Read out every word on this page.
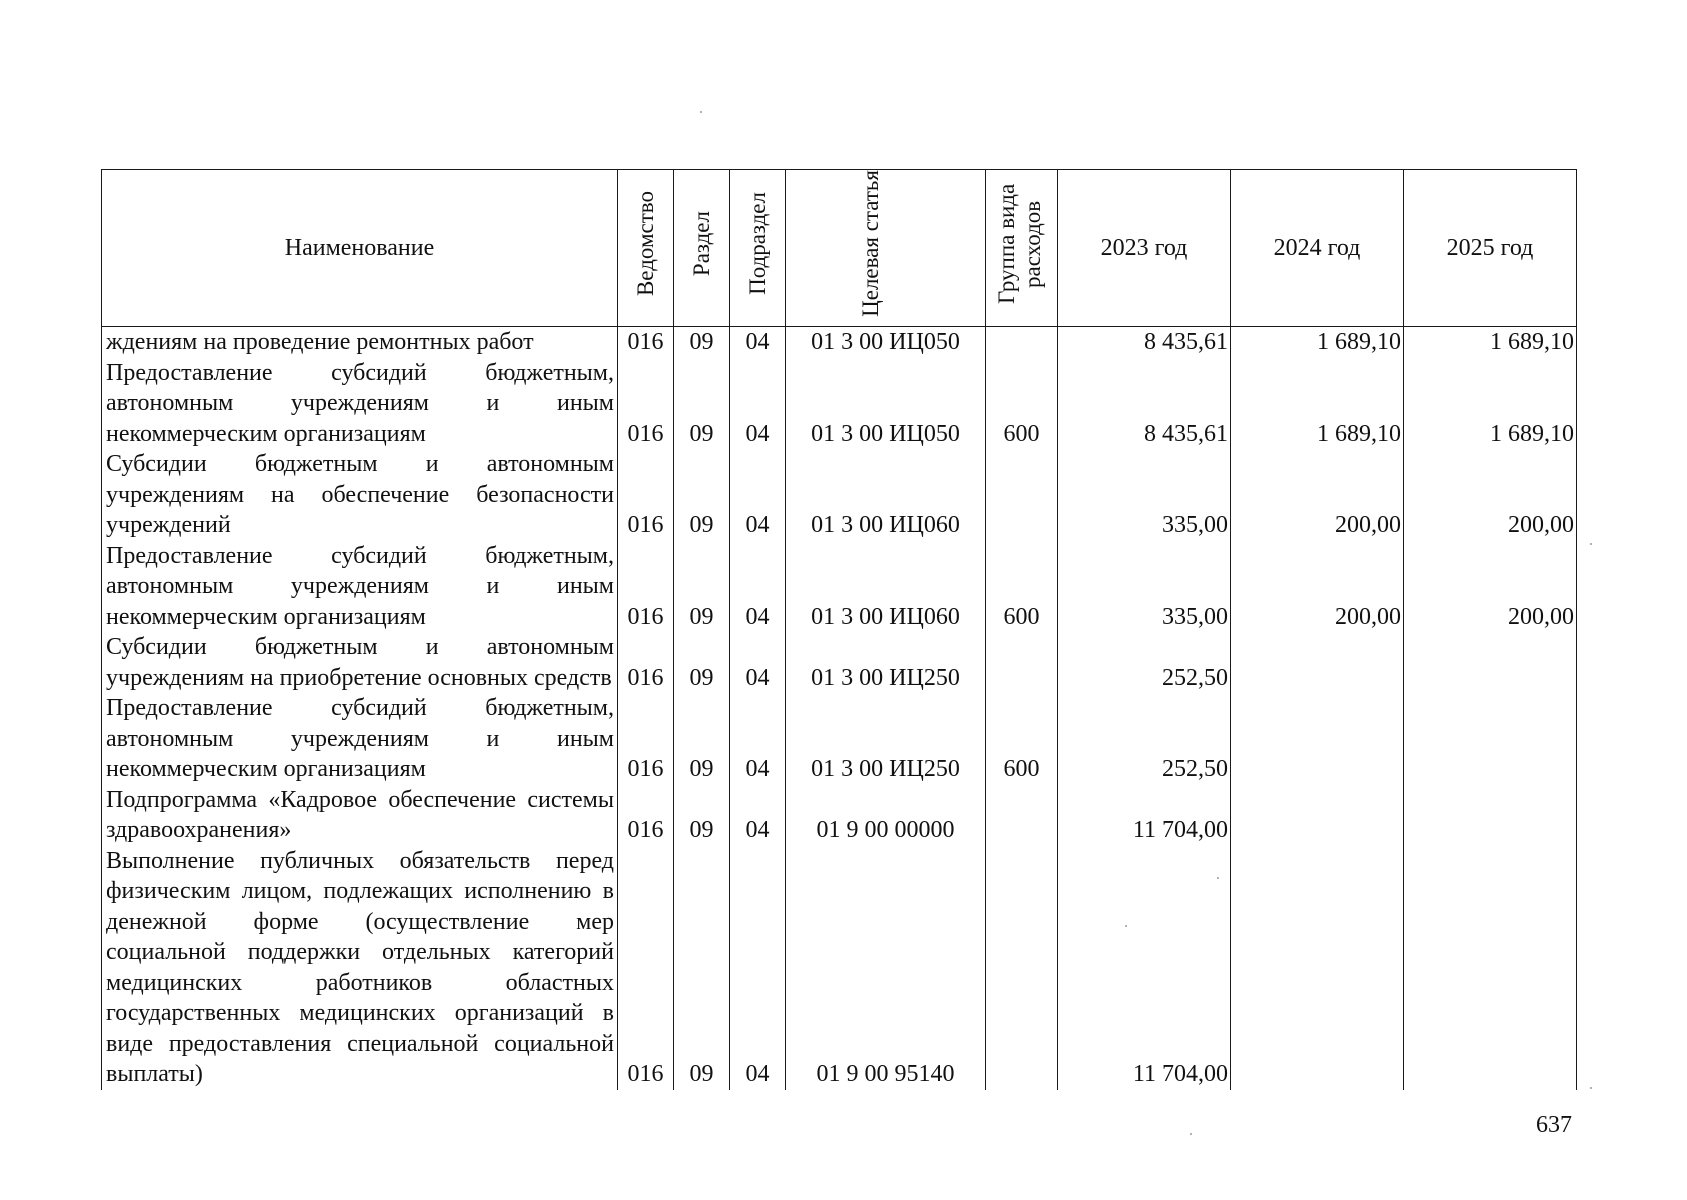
Наименование	Ведомство	Раздел	Подраздел	Целевая статья	Группа вида расходов	2023 год	2024 год	2025 год
ждениям на проведение ремонтных работ	016	09	04	01 3 00 ИЦ050		8 435,61	1 689,10	1 689,10
Предоставление субсидий бюджетным, автономным учреждениям и иным некоммерческим организациям	016	09	04	01 3 00 ИЦ050	600	8 435,61	1 689,10	1 689,10
Субсидии бюджетным и автономным учреждениям на обеспечение безопасности учреждений	016	09	04	01 3 00 ИЦ060		335,00	200,00	200,00
Предоставление субсидий бюджетным, автономным учреждениям и иным некоммерческим организациям	016	09	04	01 3 00 ИЦ060	600	335,00	200,00	200,00
Субсидии бюджетным и автономным учреждениям на приобретение основных средств	016	09	04	01 3 00 ИЦ250		252,50		
Предоставление субсидий бюджетным, автономным учреждениям и иным некоммерческим организациям	016	09	04	01 3 00 ИЦ250	600	252,50		
Подпрограмма «Кадровое обеспечение системы здравоохранения»	016	09	04	01 9 00 00000		11 704,00		
Выполнение публичных обязательств перед физическим лицом, подлежащих исполнению в денежной форме (осуществление мер социальной поддержки отдельных категорий медицинских работников областных государственных медицинских организаций в виде предоставления специальной социальной выплаты)	016	09	04	01 9 00 95140		11 704,00		
637
